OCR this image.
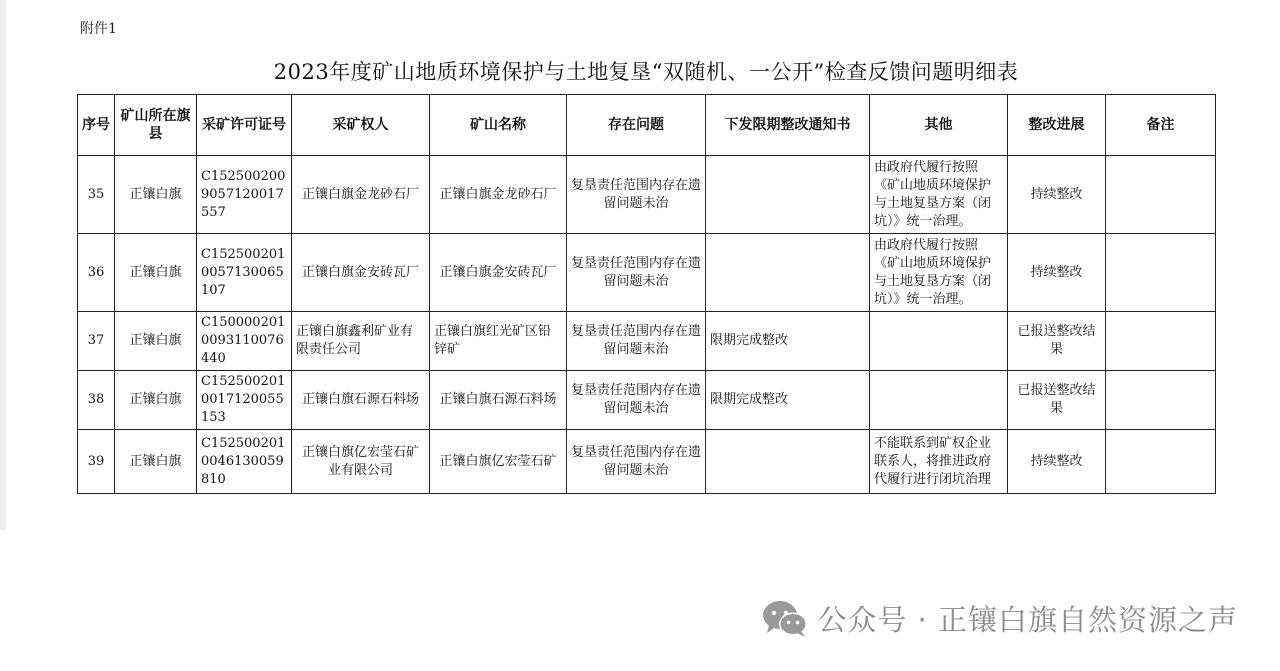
附件1
2023年度矿山地质环境保护与土地复垦“双随机、一公开”检查反馈问题明细表
序号	矿山所在旗县	采矿许可证号	采矿权人	矿山名称	存在问题	下发限期整改通知书	其他	整改进展	备注
35	正镶白旗	C1525002009057120017557	正镶白旗金龙砂石厂	正镶白旗金龙砂石厂	复垦责任范围内存在遗留问题未治		由政府代履行按照《矿山地质环境保护与土地复垦方案（闭坑）》统一治理。	持续整改	
36	正镶白旗	C1525002010057130065107	正镶白旗金安砖瓦厂	正镶白旗金安砖瓦厂	复垦责任范围内存在遗留问题未治		由政府代履行按照《矿山地质环境保护与土地复垦方案（闭坑）》统一治理。	持续整改	
37	正镶白旗	C1500002010093110076440	正镶白旗鑫利矿业有限责任公司	正镶白旗红光矿区铅锌矿	复垦责任范围内存在遗留问题未治	限期完成整改		已报送整改结果	
38	正镶白旗	C1525002010017120055153	正镶白旗石源石料场	正镶白旗石源石料场	复垦责任范围内存在遗留问题未治	限期完成整改		已报送整改结果	
39	正镶白旗	C1525002010046130059810	正镶白旗亿宏莹石矿业有限公司	正镶白旗亿宏莹石矿	复垦责任范围内存在遗留问题未治		不能联系到矿权企业联系人，将推进政府代履行进行闭坑治理	持续整改	
公众号 · 正镶白旗自然资源之声
